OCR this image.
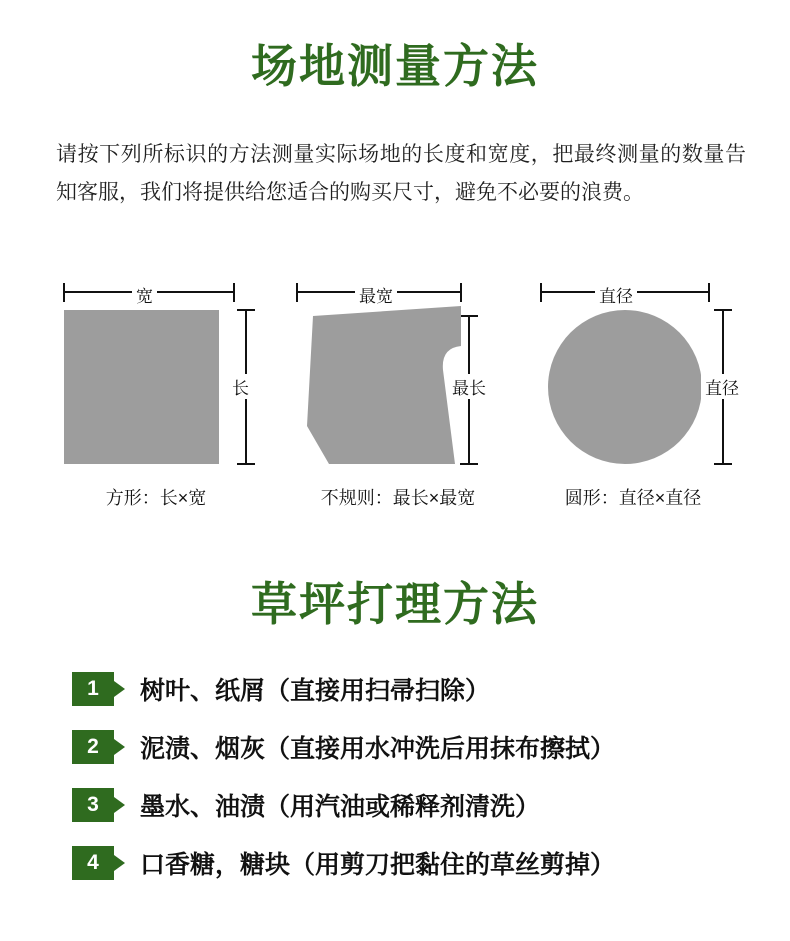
场地测量方法
请按下列所标识的方法测量实际场地的长度和宽度，把最终测量的数量告知客服，我们将提供给您适合的购买尺寸，避免不必要的浪费。
宽
长
方形：长×宽
最宽
最长
不规则：最长×最宽
直径
直径
圆形：直径×直径
草坪打理方法
1	树叶、纸屑（直接用扫帚扫除）
2	泥渍、烟灰（直接用水冲洗后用抹布擦拭）
3	墨水、油渍（用汽油或稀释剂清洗）
4	口香糖，糖块（用剪刀把黏住的草丝剪掉）
